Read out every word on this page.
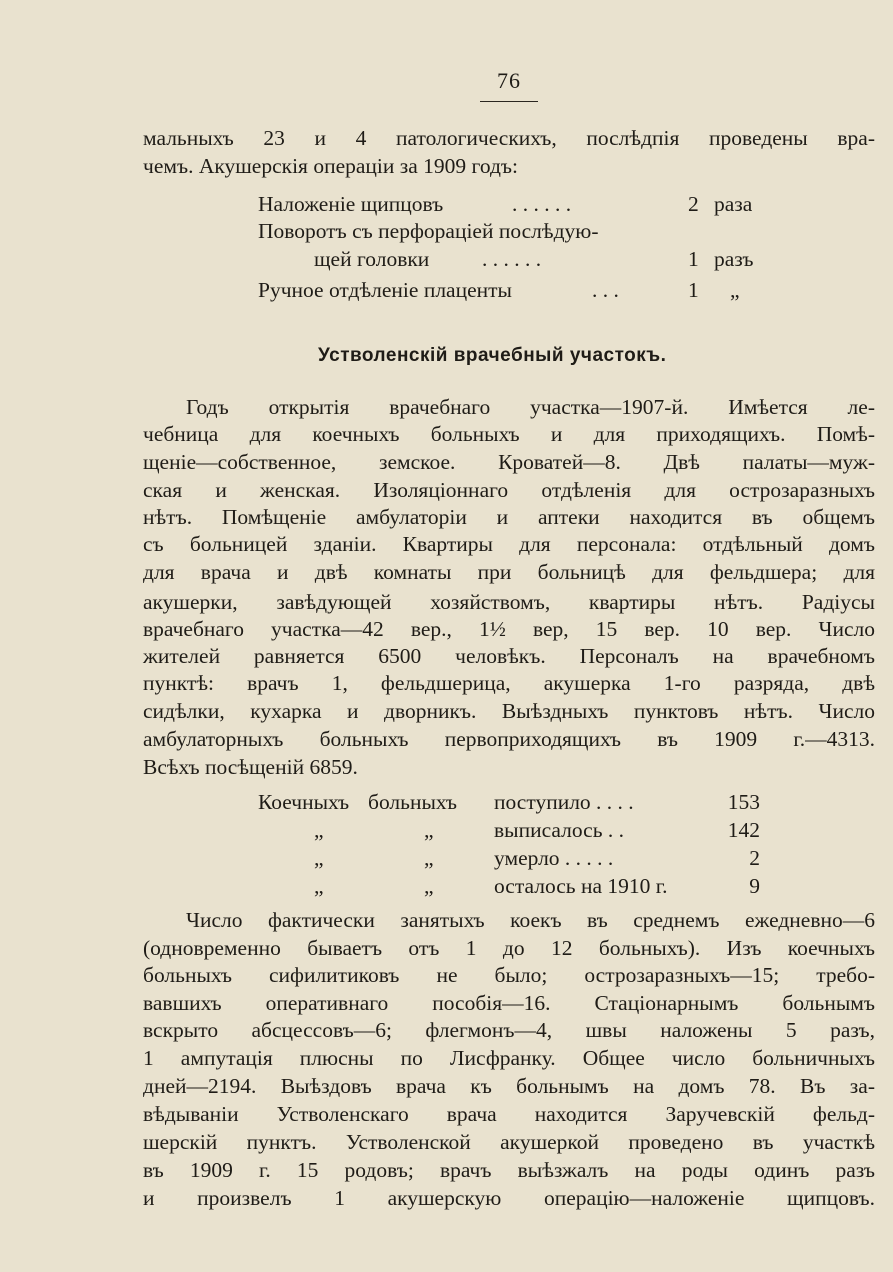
76
мальныхъ 23 и 4 патологическихъ, послѣдпія проведены вра-
чемъ. Акушерскія операціи за 1909 годъ:
Наложеніе щипцовъ	. . . . . .	2 раза
Поворотъ съ перфораціей послѣдую-
щей головки . . . . . .	1 разъ
Ручное отдѣленіе плаценты	. . .	1 „
Устволенскій врачебный участокъ.
Годъ открытія врачебнаго участка—1907-й. Имѣется ле-
чебница для коечныхъ больныхъ и для приходящихъ. Помѣ-
щеніе—собственное, земское. Кроватей—8. Двѣ палаты—муж-
ская и женская. Изоляціоннаго отдѣленія для острозаразныхъ
нѣтъ. Помѣщеніе амбулаторіи и аптеки находится въ общемъ
съ больницей зданіи. Квартиры для персонала: отдѣльный домъ
для врача и двѣ комнаты при больницѣ для фельдшера; для
акушерки, завѣдующей хозяйствомъ, квартиры нѣтъ. Радіусы
врачебнаго участка—42 вер., 1½ вер, 15 вер. 10 вер. Число
жителей равняется 6500 человѣкъ. Персоналъ на врачебномъ
пунктѣ: врачъ 1, фельдшерица, акушерка 1-го разряда, двѣ
сидѣлки, кухарка и дворникъ. Выѣздныхъ пунктовъ нѣтъ. Число
амбулаторныхъ больныхъ первоприходящихъ въ 1909 г.—4313.
Всѣхъ посѣщеній 6859.
Коечныхъ больныхъ поступило . . . .	153
„	„	выписалось . .	142
„	„	умерло . . . . .	2
„	„	осталось на 1910 г.	9
Число фактически занятыхъ коекъ въ среднемъ ежедневно—6
(одновременно бываетъ отъ 1 до 12 больныхъ). Изъ коечныхъ
больныхъ сифилитиковъ не было; острозаразныхъ—15; требо-
вавшихъ оперативнаго пособія—16. Стаціонарнымъ больнымъ
вскрыто абсцессовъ—6; флегмонъ—4, швы наложены 5 разъ,
1 ампутація плюсны по Лисфранку. Общее число больничныхъ
дней—2194. Выѣздовъ врача къ больнымъ на домъ 78. Въ за-
вѣдываніи Устволенскаго врача находится Заручевскій фельд-
шерскій пунктъ. Устволенской акушеркой проведено въ участкѣ
въ 1909 г. 15 родовъ; врачъ выѣзжалъ на роды одинъ разъ
и произвелъ 1 акушерскую операцію—наложеніе щипцовъ.
